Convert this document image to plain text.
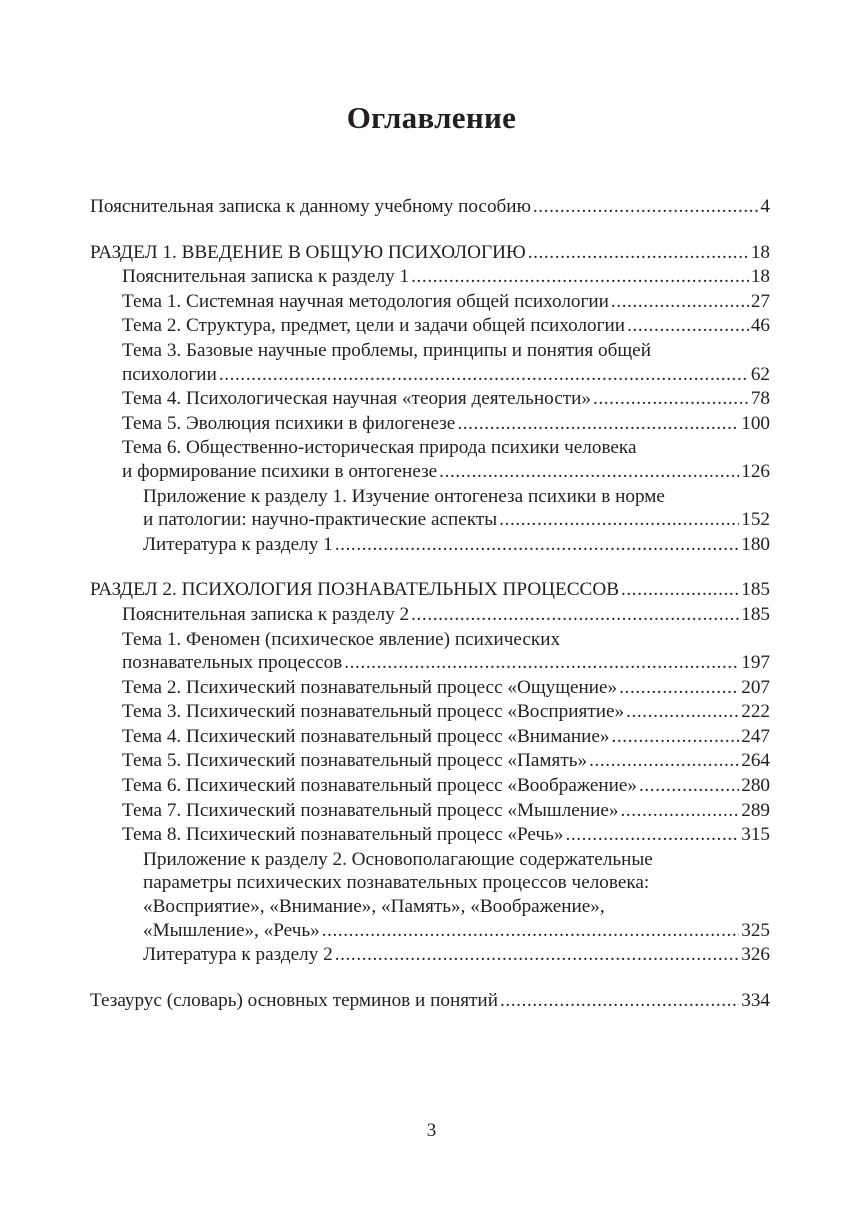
Оглавление
Пояснительная записка к данному учебному пособию .....	4
РАЗДЕЛ 1. ВВЕДЕНИЕ В ОБЩУЮ ПСИХОЛОГИЮ .....	18
Пояснительная записка к разделу 1 .....	18
Тема 1. Системная научная методология общей психологии .....	27
Тема 2. Структура, предмет, цели и задачи общей психологии .....	46
Тема 3. Базовые научные проблемы, принципы и понятия общей
психологии .....	62
Тема 4. Психологическая научная «теория деятельности» .....	78
Тема 5. Эволюция психики в филогенезе .....	100
Тема 6. Общественно-историческая природа психики человека
и формирование психики в онтогенезе .....	126
Приложение к разделу 1. Изучение онтогенеза психики в норме
и патологии: научно-практические аспекты .....	152
Литература к разделу 1 .....	180
РАЗДЕЛ 2. ПСИХОЛОГИЯ ПОЗНАВАТЕЛЬНЫХ ПРОЦЕССОВ .....	185
Пояснительная записка к разделу 2 .....	185
Тема 1. Феномен (психическое явление) психических
познавательных процессов .....	197
Тема 2. Психический познавательный процесс «Ощущение» .....	207
Тема 3. Психический познавательный процесс «Восприятие» .....	222
Тема 4. Психический познавательный процесс «Внимание» .....	247
Тема 5. Психический познавательный процесс «Память» .....	264
Тема 6. Психический познавательный процесс «Воображение» .....	280
Тема 7. Психический познавательный процесс «Мышление» .....	289
Тема 8. Психический познавательный процесс «Речь» .....	315
Приложение к разделу 2. Основополагающие содержательные
параметры психических познавательных процессов человека:
«Восприятие», «Внимание», «Память», «Воображение»,
«Мышление», «Речь» .....	325
Литература к разделу 2 .....	326
Тезаурус (словарь) основных терминов и понятий .....	334
3
